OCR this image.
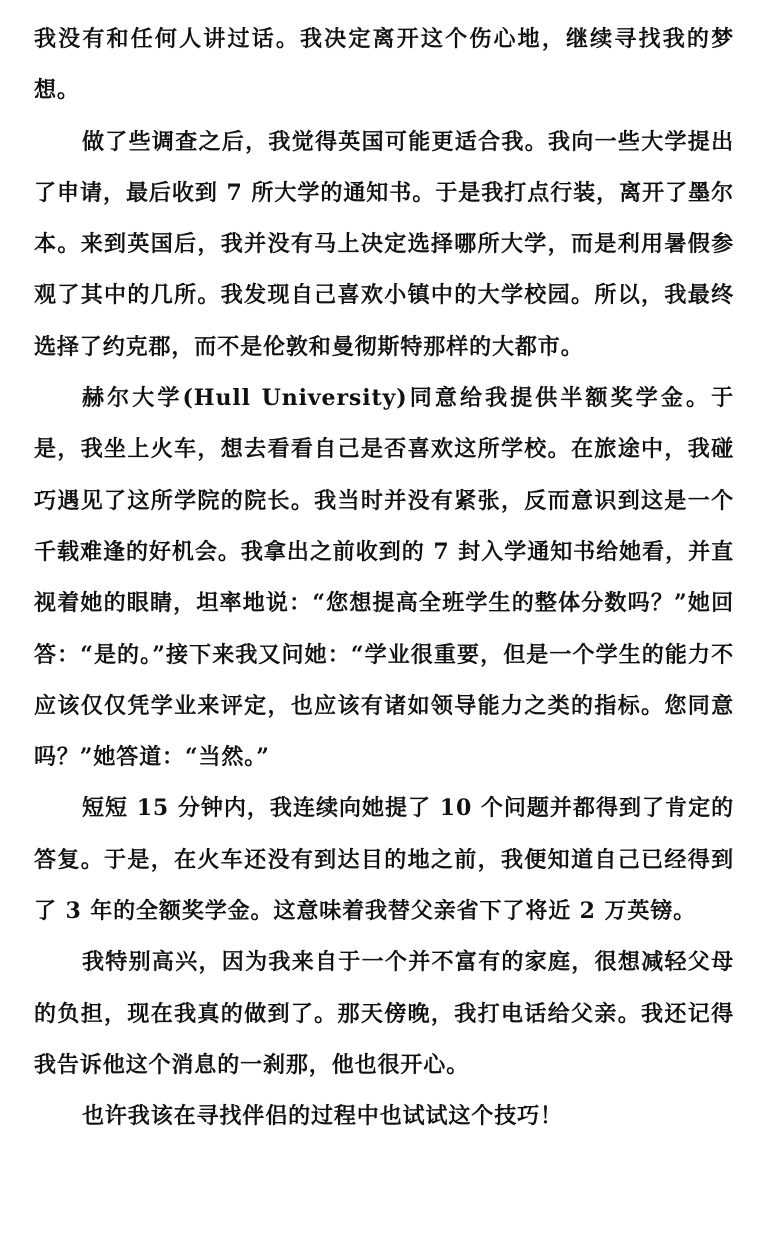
我没有和任何人讲过话。我决定离开这个伤心地，继续寻找我的梦想。

做了些调查之后，我觉得英国可能更适合我。我向一些大学提出了申请，最后收到 7 所大学的通知书。于是我打点行装，离开了墨尔本。来到英国后，我并没有马上决定选择哪所大学，而是利用暑假参观了其中的几所。我发现自己喜欢小镇中的大学校园。所以，我最终选择了约克郡，而不是伦敦和曼彻斯特那样的大都市。

赫尔大学(Hull University)同意给我提供半额奖学金。于是，我坐上火车，想去看看自己是否喜欢这所学校。在旅途中，我碰巧遇见了这所学院的院长。我当时并没有紧张，反而意识到这是一个千载难逢的好机会。我拿出之前收到的 7 封入学通知书给她看，并直视着她的眼睛，坦率地说：“您想提高全班学生的整体分数吗？”她回答：“是的。”接下来我又问她：“学业很重要，但是一个学生的能力不应该仅仅凭学业来评定，也应该有诸如领导能力之类的指标。您同意吗？”她答道：“当然。”

短短 15 分钟内，我连续向她提了 10 个问题并都得到了肯定的答复。于是，在火车还没有到达目的地之前，我便知道自己已经得到了 3 年的全额奖学金。这意味着我替父亲省下了将近 2 万英镑。

我特别高兴，因为我来自于一个并不富有的家庭，很想减轻父母的负担，现在我真的做到了。那天傍晚，我打电话给父亲。我还记得我告诉他这个消息的一刹那，他也很开心。

也许我该在寻找伴侣的过程中也试试这个技巧！
